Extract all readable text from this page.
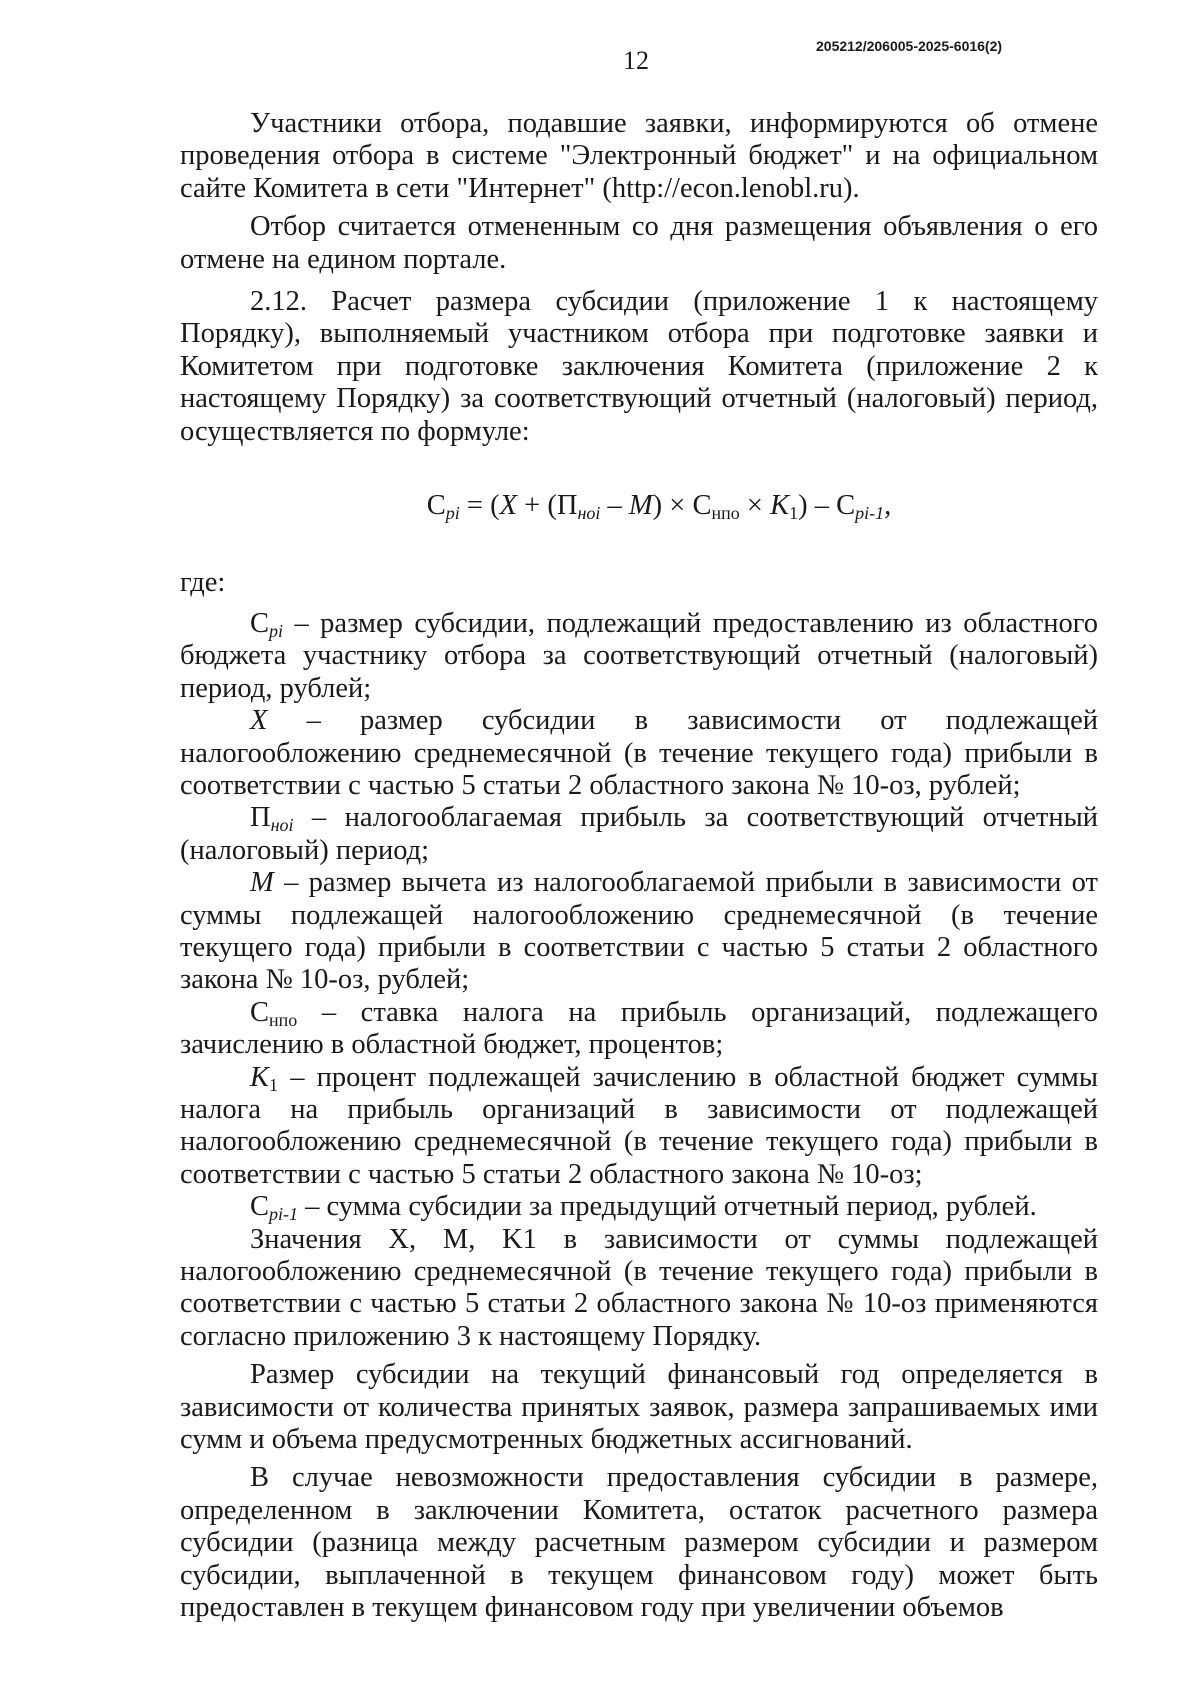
12	205212/206005-2025-6016(2)

Участники отбора, подавшие заявки, информируются об отмене проведения отбора в системе "Электронный бюджет" и на официальном сайте Комитета в сети "Интернет" (http://econ.lenobl.ru).

Отбор считается отмененным со дня размещения объявления о его отмене на едином портале.

2.12. Расчет размера субсидии (приложение 1 к настоящему Порядку), выполняемый участником отбора при подготовке заявки и Комитетом при подготовке заключения Комитета (приложение 2 к настоящему Порядку) за соответствующий отчетный (налоговый) период, осуществляется по формуле:

$С_{pi} = (X + (П_{нoi} - M) \times С_{нпо} \times K_1) - С_{pi-1}$,

где:

$С_{pi}$ – размер субсидии, подлежащий предоставлению из областного бюджета участнику отбора за соответствующий отчетный (налоговый) период, рублей;

X – размер субсидии в зависимости от подлежащей налогообложению среднемесячной (в течение текущего года) прибыли в соответствии с частью 5 статьи 2 областного закона № 10-оз, рублей;

$П_{нoi}$ – налогооблагаемая прибыль за соответствующий отчетный (налоговый) период;

M – размер вычета из налогооблагаемой прибыли в зависимости от суммы подлежащей налогообложению среднемесячной (в течение текущего года) прибыли в соответствии с частью 5 статьи 2 областного закона № 10-оз, рублей;

$С_{нпо}$ – ставка налога на прибыль организаций, подлежащего зачислению в областной бюджет, процентов;

$K_1$ – процент подлежащей зачислению в областной бюджет суммы налога на прибыль организаций в зависимости от подлежащей налогообложению среднемесячной (в течение текущего года) прибыли в соответствии с частью 5 статьи 2 областного закона № 10-оз;

$С_{pi-1}$ – сумма субсидии за предыдущий отчетный период, рублей.

Значения X, M, K1 в зависимости от суммы подлежащей налогообложению среднемесячной (в течение текущего года) прибыли в соответствии с частью 5 статьи 2 областного закона № 10-оз применяются согласно приложению 3 к настоящему Порядку.

Размер субсидии на текущий финансовый год определяется в зависимости от количества принятых заявок, размера запрашиваемых ими сумм и объема предусмотренных бюджетных ассигнований.

В случае невозможности предоставления субсидии в размере, определенном в заключении Комитета, остаток расчетного размера субсидии (разница между расчетным размером субсидии и размером субсидии, выплаченной в текущем финансовом году) может быть предоставлен в текущем финансовом году при увеличении объемов
